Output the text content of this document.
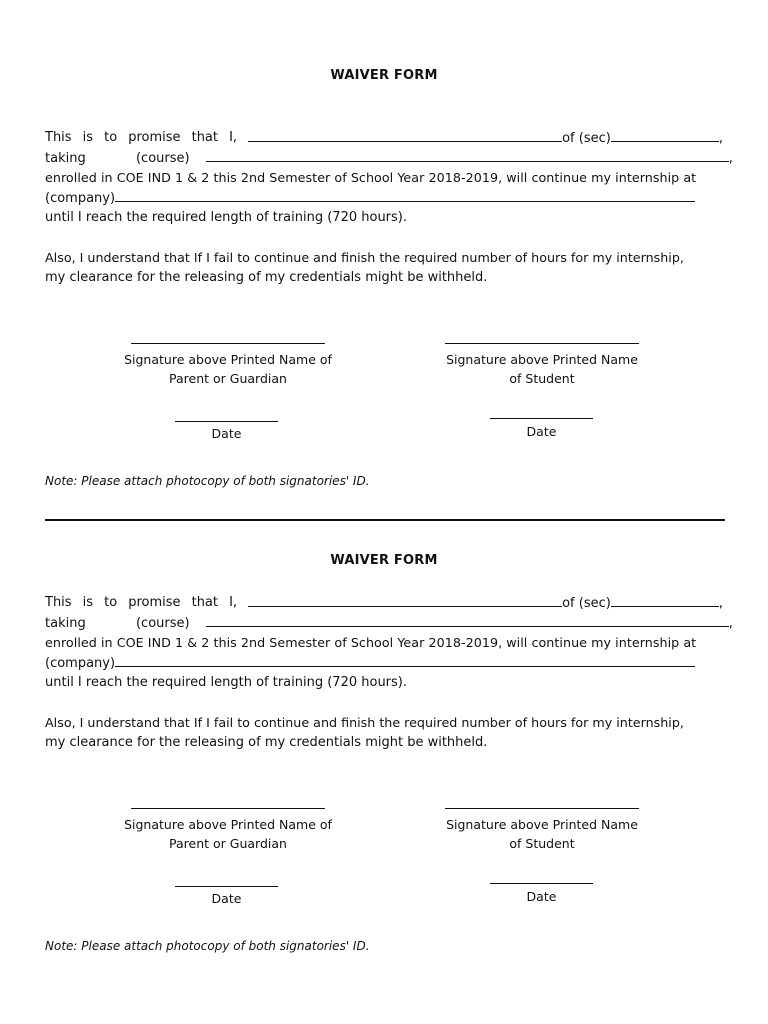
WAIVER FORM
This is to promise that I,	of (sec)	,
taking	(course)	,
enrolled in COE IND 1 & 2 this 2nd Semester of School Year 2018-2019, will continue my internship at
(company)
until I reach the required length of training (720 hours).
Also, I understand that If I fail to continue and finish the required number of hours for my internship,
my clearance for the releasing of my credentials might be withheld.
Signature above Printed Name of
Parent or Guardian
Signature above Printed Name
of Student
Date	Date
Note: Please attach photocopy of both signatories' ID.
WAIVER FORM
This is to promise that I,	of (sec)	,
taking	(course)	,
enrolled in COE IND 1 & 2 this 2nd Semester of School Year 2018-2019, will continue my internship at
(company)
until I reach the required length of training (720 hours).
Also, I understand that If I fail to continue and finish the required number of hours for my internship,
my clearance for the releasing of my credentials might be withheld.
Signature above Printed Name of
Parent or Guardian
Signature above Printed Name
of Student
Date	Date
Note: Please attach photocopy of both signatories' ID.
